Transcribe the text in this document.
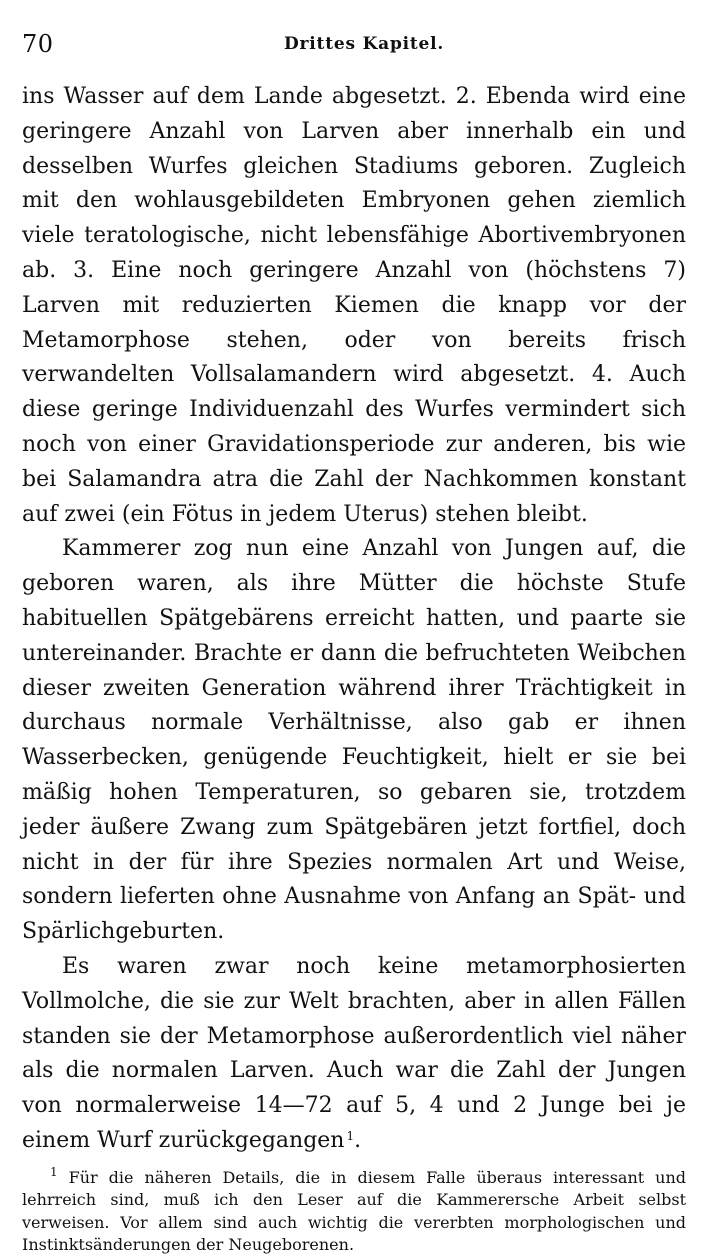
70	Drittes Kapitel.

ins Wasser auf dem Lande abgesetzt. 2. Ebenda wird eine geringere Anzahl von Larven aber innerhalb ein und desselben Wurfes gleichen Stadiums geboren. Zugleich mit den wohlausgebildeten Embryonen gehen ziemlich viele teratologische, nicht lebensfähige Abortivembryonen ab. 3. Eine noch geringere Anzahl von (höchstens 7) Larven mit reduzierten Kiemen die knapp vor der Metamorphose stehen, oder von bereits frisch verwandelten Vollsalamandern wird abgesetzt. 4. Auch diese geringe Individuenzahl des Wurfes vermindert sich noch von einer Gravidationsperiode zur anderen, bis wie bei Salamandra atra die Zahl der Nachkommen konstant auf zwei (ein Fötus in jedem Uterus) stehen bleibt.

Kammerer zog nun eine Anzahl von Jungen auf, die geboren waren, als ihre Mütter die höchste Stufe habituellen Spätgebärens erreicht hatten, und paarte sie untereinander. Brachte er dann die befruchteten Weibchen dieser zweiten Generation während ihrer Trächtigkeit in durchaus normale Verhältnisse, also gab er ihnen Wasserbecken, genügende Feuchtigkeit, hielt er sie bei mäßig hohen Temperaturen, so gebaren sie, trotzdem jeder äußere Zwang zum Spätgebären jetzt fortfiel, doch nicht in der für ihre Spezies normalen Art und Weise, sondern lieferten ohne Ausnahme von Anfang an Spät- und Spärlichgeburten.

Es waren zwar noch keine metamorphosierten Vollmolche, die sie zur Welt brachten, aber in allen Fällen standen sie der Metamorphose außerordentlich viel näher als die normalen Larven. Auch war die Zahl der Jungen von normalerweise 14—72 auf 5, 4 und 2 Junge bei je einem Wurf zurückgegangen $^1$.

$^1$ Für die näheren Details, die in diesem Falle überaus interessant und lehrreich sind, muß ich den Leser auf die Kammerersche Arbeit selbst verweisen. Vor allem sind auch wichtig die vererbten morphologischen und Instinktsänderungen der Neugeborenen.
